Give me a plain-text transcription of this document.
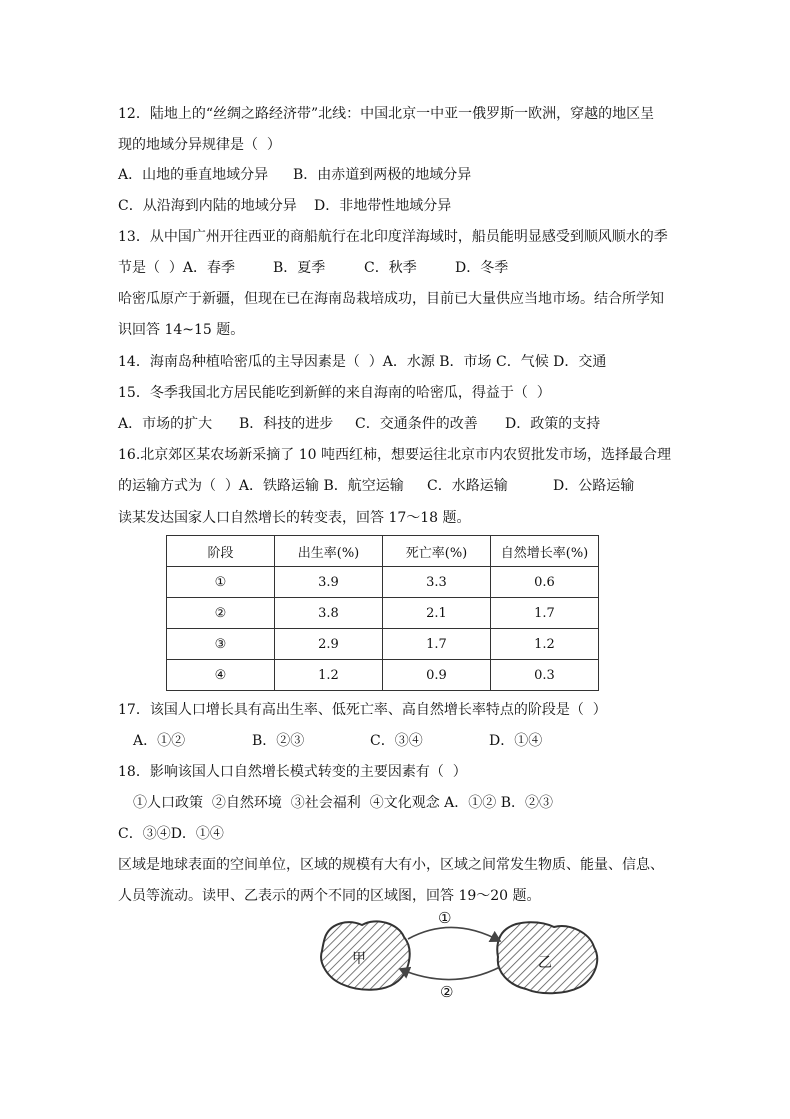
12．陆地上的“丝绸之路经济带”北线：中国北京一中亚一俄罗斯一欧洲，穿越的地区呈
现的地域分异规律是（  ）
A．山地的垂直地域分异 B．由赤道到两极的地域分异
C．从沿海到内陆的地域分异 D．非地带性地域分异
13．从中国广州开往西亚的商船航行在北印度洋海域时，船员能明显感受到顺风顺水的季
节是（  ）A．春季	B．夏季	C．秋季	D．冬季
哈密瓜原产于新疆，但现在已在海南岛栽培成功，目前已大量供应当地市场。结合所学知
识回答 14~15 题。
14．海南岛种植哈密瓜的主导因素是（  ）A．水源 B．市场 C．气候 D．交通
15．冬季我国北方居民能吃到新鲜的来自海南的哈密瓜，得益于（  ）
A．市场的扩大 B．科技的进步 C．交通条件的改善 D．政策的支持
16.北京郊区某农场新采摘了 10 吨西红柿，想要运往北京市内农贸批发市场，选择最合理
的运输方式为（  ）A．铁路运输 B．航空运输 C．水路运输	D．公路运输
读某发达国家人口自然增长的转变表，回答 17～18 题。
阶段	出生率(%)	死亡率(%)	自然增长率(%)
①	3.9	3.3	0.6
②	3.8	2.1	1.7
③	2.9	1.7	1.2
④	1.2	0.9	0.3
17．该国人口增长具有高出生率、低死亡率、高自然增长率特点的阶段是（  ）
A．①②	B．②③	C．③④	D．①④
18．影响该国人口自然增长模式转变的主要因素有（  ）
①人口政策  ②自然环境  ③社会福利  ④文化观念 A．①② B．②③
C．③④D．①④
区域是地球表面的空间单位，区域的规模有大有小，区域之间常发生物质、能量、信息、
人员等流动。读甲、乙表示的两个不同的区域图，回答 19～20 题。
甲	乙
①
②
